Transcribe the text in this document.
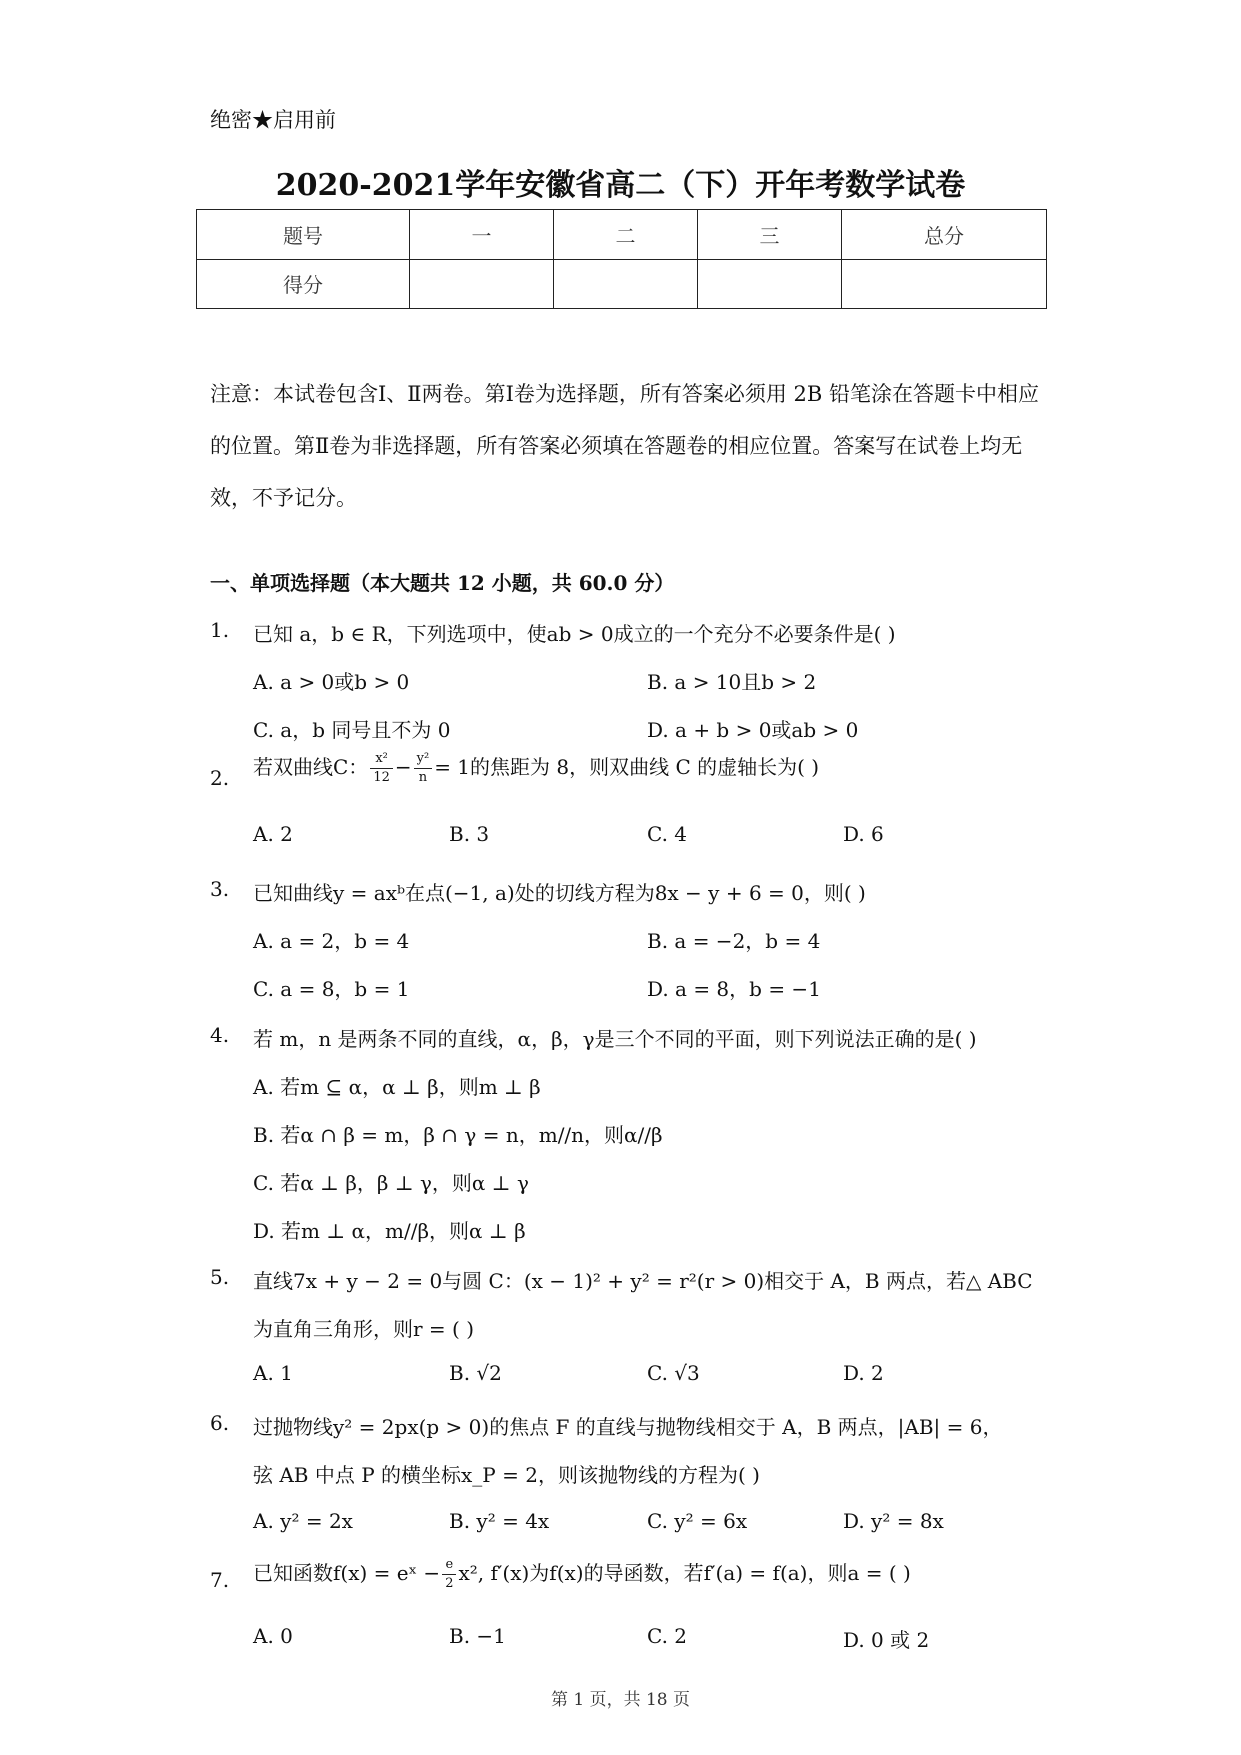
绝密★启用前
2020-2021学年安徽省高二（下）开年考数学试卷
题号	一	二	三	总分
得分				
注意：本试卷包含Ⅰ、Ⅱ两卷。第Ⅰ卷为选择题，所有答案必须用 2B 铅笔涂在答题卡中相应的位置。第Ⅱ卷为非选择题，所有答案必须填在答题卷的相应位置。答案写在试卷上均无效，不予记分。
一、单项选择题（本大题共 12 小题，共 60.0 分）
1. 已知 a，b ∈ R，下列选项中，使ab > 0成立的一个充分不必要条件是( )
A. a > 0或b > 0	B. a > 10且b > 2
C. a，b 同号且不为 0	D. a + b > 0或ab > 0
2. 若双曲线C： $\frac{\text{x²}}{12} - \frac{\text{y²}}{n} = 1$的焦距为 8，则双曲线 C 的虚轴长为( )
A. 2	B. 3	C. 4	D. 6
3. 已知曲线y = axᵇ在点(−1, a)处的切线方程为8x − y + 6 = 0，则( )
A. a = 2，b = 4	B. a = −2，b = 4
C. a = 8，b = 1	D. a = 8，b = −1
4. 若 m，n 是两条不同的直线，α，β，γ是三个不同的平面，则下列说法正确的是( )
A. 若m ⊆ α，α ⊥ β，则m ⊥ β
B. 若α ∩ β = m，β ∩ γ = n，m//n，则α//β
C. 若α ⊥ β，β ⊥ γ，则α ⊥ γ
D. 若m ⊥ α，m//β，则α ⊥ β
5. 直线7x + y − 2 = 0与圆 C：(x − 1)² + y² = r²(r > 0)相交于 A，B 两点，若△ ABC
为直角三角形，则r = ( )
A. 1	B. √2	C. √3	D. 2
6. 过抛物线y² = 2px(p > 0)的焦点 F 的直线与抛物线相交于 A，B 两点，|AB| = 6，
弦 AB 中点 P 的横坐标x_P = 2，则该抛物线的方程为( )
A. y² = 2x	B. y² = 4x	C. y² = 6x	D. y² = 8x
7. 已知函数f(x) = eˣ − $\frac{e}{2} x^2$, f′(x)为f(x)的导函数，若f′(a) = f(a)，则a = ( )
A. 0	B. −1	C. 2	D. 0 或 2
第 1 页，共 18 页
